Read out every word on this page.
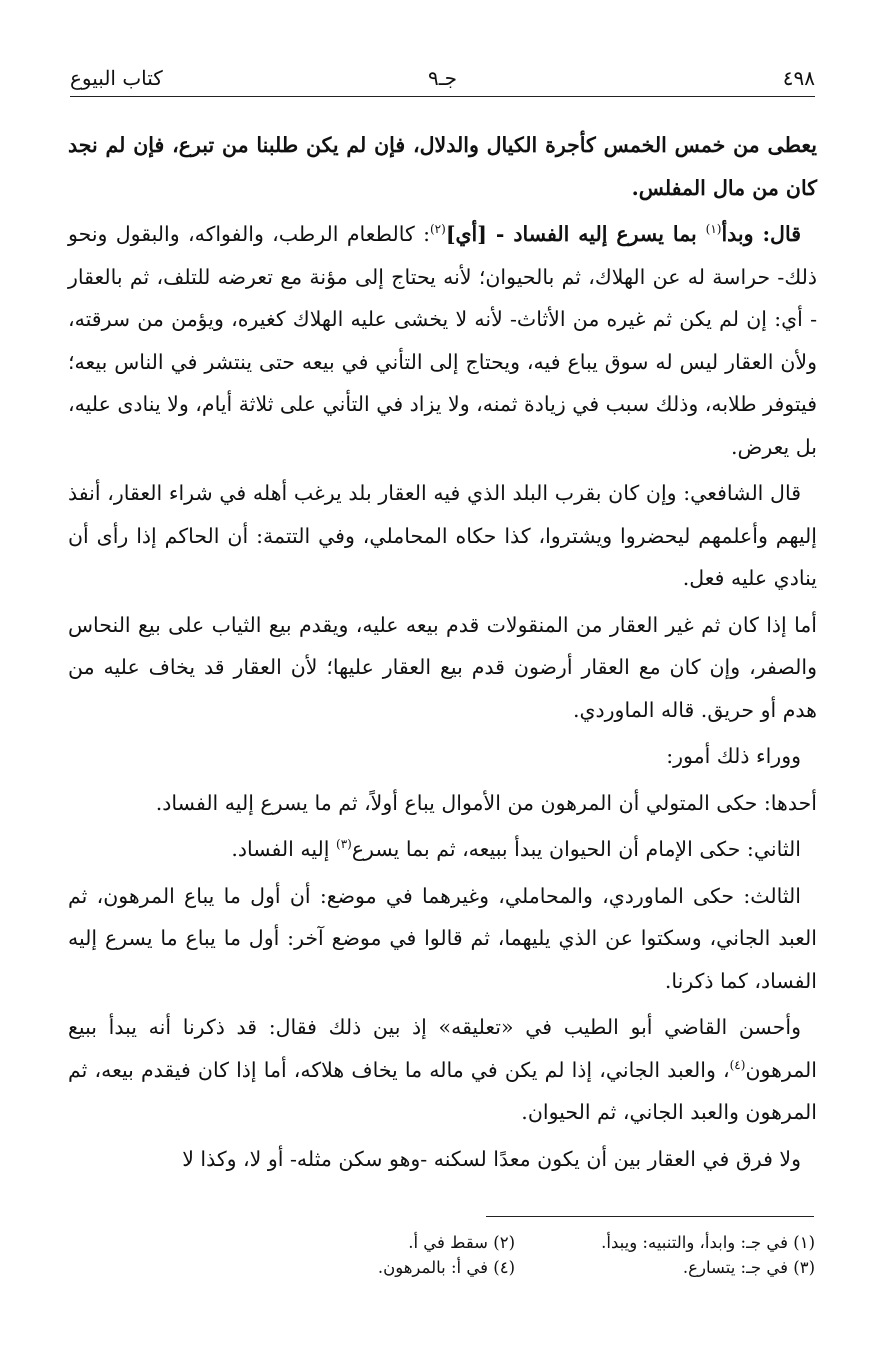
٤٩٨
جـ٩
كتاب البيوع

يعطى من خمس الخمس كأجرة الكيال والدلال، فإن لم يكن طلبنا من تبرع، فإن لم نجد كان من مال المفلس.

قال: وبدأ$^{(١)}$ بما يسرع إليه الفساد - [أي]$^{(٢)}$: كالطعام الرطب، والفواكه، والبقول ونحو ذلك- حراسة له عن الهلاك، ثم بالحيوان؛ لأنه يحتاج إلى مؤنة مع تعرضه للتلف، ثم بالعقار - أي: إن لم يكن ثم غيره من الأثاث- لأنه لا يخشى عليه الهلاك كغيره، ويؤمن من سرقته، ولأن العقار ليس له سوق يباع فيه، ويحتاج إلى التأني في بيعه حتى ينتشر في الناس بيعه؛ فيتوفر طلابه، وذلك سبب في زيادة ثمنه، ولا يزاد في التأني على ثلاثة أيام، ولا ينادى عليه، بل يعرض.

قال الشافعي: وإن كان بقرب البلد الذي فيه العقار بلد يرغب أهله في شراء العقار، أنفذ إليهم وأعلمهم ليحضروا ويشتروا، كذا حكاه المحاملي، وفي التتمة: أن الحاكم إذا رأى أن ينادي عليه فعل.

أما إذا كان ثم غير العقار من المنقولات قدم بيعه عليه، ويقدم بيع الثياب على بيع النحاس والصفر، وإن كان مع العقار أرضون قدم بيع العقار عليها؛ لأن العقار قد يخاف عليه من هدم أو حريق. قاله الماوردي.

ووراء ذلك أمور:

أحدها: حكى المتولي أن المرهون من الأموال يباع أولاً، ثم ما يسرع إليه الفساد.

الثاني: حكى الإمام أن الحيوان يبدأ ببيعه، ثم بما يسرع$^{(٣)}$ إليه الفساد.

الثالث: حكى الماوردي، والمحاملي، وغيرهما في موضع: أن أول ما يباع المرهون، ثم العبد الجاني، وسكتوا عن الذي يليهما، ثم قالوا في موضع آخر: أول ما يباع ما يسرع إليه الفساد، كما ذكرنا.

وأحسن القاضي أبو الطيب في «تعليقه» إذ بين ذلك فقال: قد ذكرنا أنه يبدأ ببيع المرهون$^{(٤)}$، والعبد الجاني، إذا لم يكن في ماله ما يخاف هلاكه، أما إذا كان فيقدم بيعه، ثم المرهون والعبد الجاني، ثم الحيوان.

ولا فرق في العقار بين أن يكون معدًا لسكنه -وهو سكن مثله- أو لا، وكذا لا

(١) في جـ: وابدأ، والتنبيه: ويبدأ.
(٢) سقط في أ.
(٣) في جـ: يتسارع.
(٤) في أ: بالمرهون.
